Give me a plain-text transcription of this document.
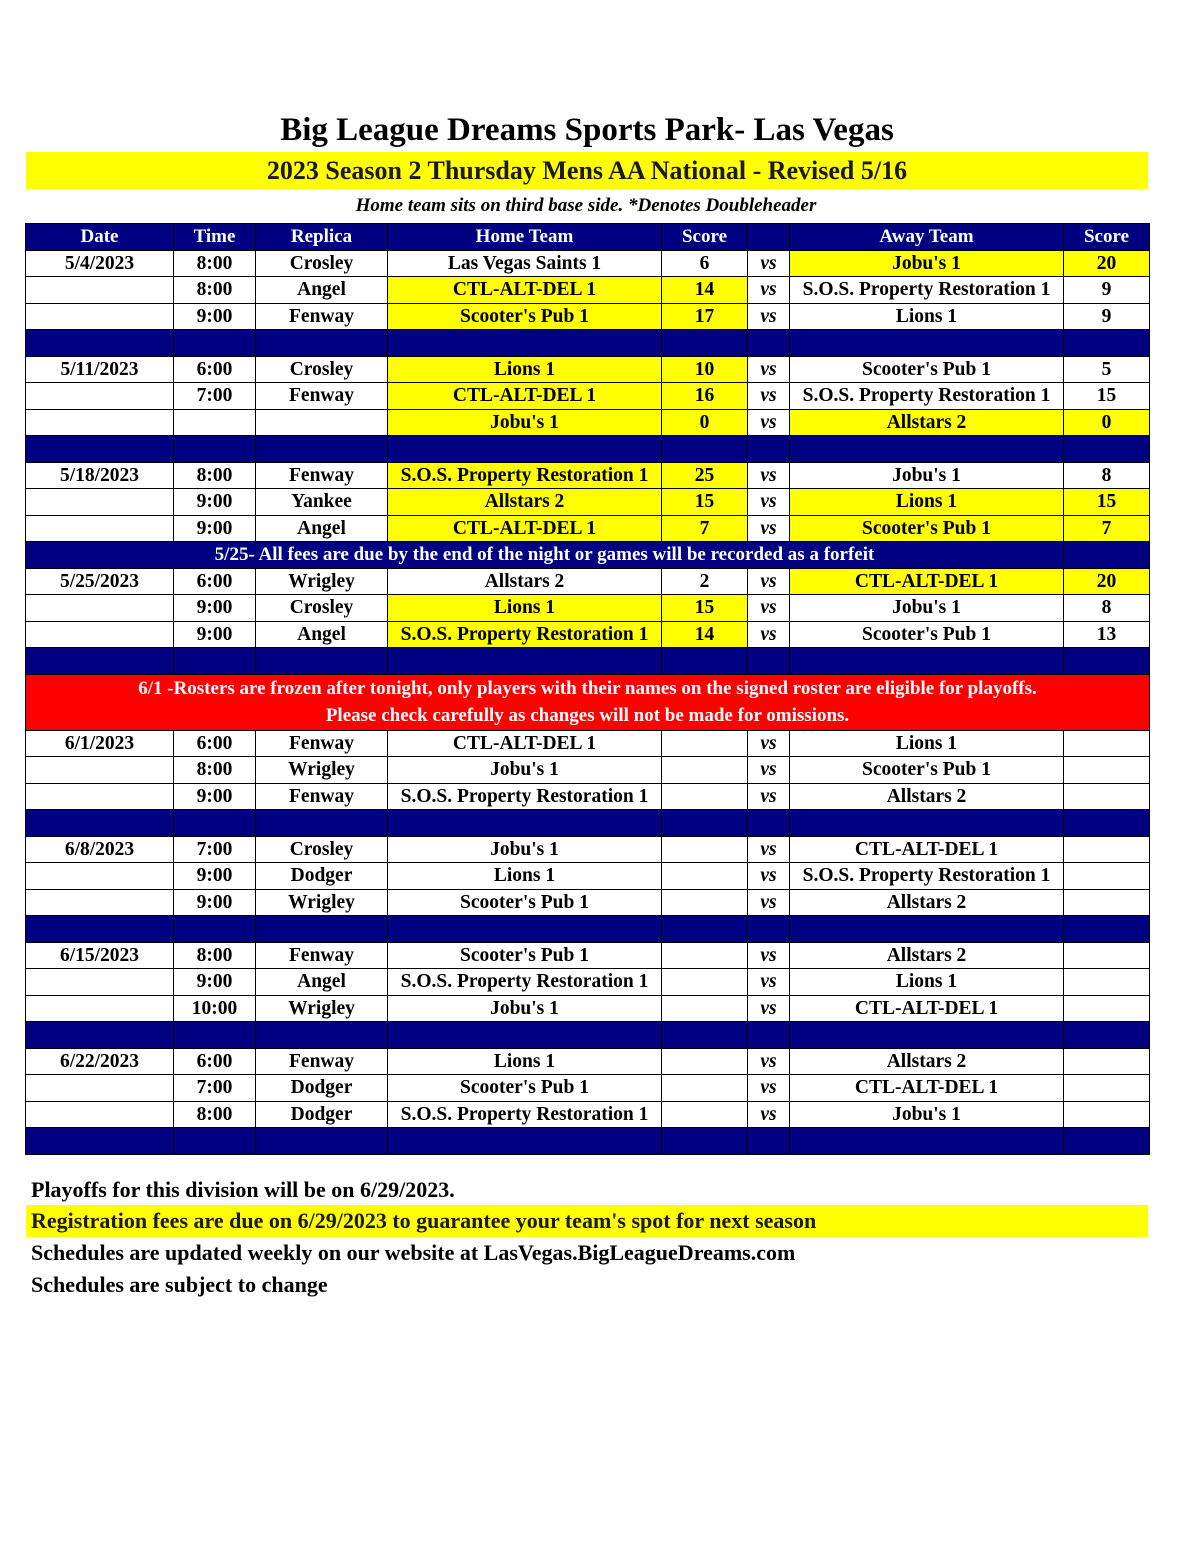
Big League Dreams Sports Park- Las Vegas
2023 Season 2 Thursday Mens AA National - Revised 5/16
Home team sits on third base side. *Denotes Doubleheader
Date	Time	Replica	Home Team	Score		Away Team	Score
5/4/2023	8:00	Crosley	Las Vegas Saints 1	6	vs	Jobu's 1	20
	8:00	Angel	CTL-ALT-DEL 1	14	vs	S.O.S. Property Restoration 1	9
	9:00	Fenway	Scooter's Pub 1	17	vs	Lions 1	9

5/11/2023	6:00	Crosley	Lions 1	10	vs	Scooter's Pub 1	5
	7:00	Fenway	CTL-ALT-DEL 1	16	vs	S.O.S. Property Restoration 1	15
			Jobu's 1	0	vs	Allstars 2	0

5/18/2023	8:00	Fenway	S.O.S. Property Restoration 1	25	vs	Jobu's 1	8
	9:00	Yankee	Allstars 2	15	vs	Lions 1	15
	9:00	Angel	CTL-ALT-DEL 1	7	vs	Scooter's Pub 1	7
5/25- All fees are due by the end of the night or games will be recorded as a forfeit							
5/25/2023	6:00	Wrigley	Allstars 2	2	vs	CTL-ALT-DEL 1	20
	9:00	Crosley	Lions 1	15	vs	Jobu's 1	8
	9:00	Angel	S.O.S. Property Restoration 1	14	vs	Scooter's Pub 1	13

6/1 -Rosters are frozen after tonight, only players with their names on the signed roster are eligible for playoffs.
Please check carefully as changes will not be made for omissions.							

6/1/2023	6:00	Fenway	CTL-ALT-DEL 1		vs	Lions 1	
	8:00	Wrigley	Jobu's 1		vs	Scooter's Pub 1	
	9:00	Fenway	S.O.S. Property Restoration 1		vs	Allstars 2	

6/8/2023	7:00	Crosley	Jobu's 1		vs	CTL-ALT-DEL 1	
	9:00	Dodger	Lions 1		vs	S.O.S. Property Restoration 1	
	9:00	Wrigley	Scooter's Pub 1		vs	Allstars 2	

6/15/2023	8:00	Fenway	Scooter's Pub 1		vs	Allstars 2	
	9:00	Angel	S.O.S. Property Restoration 1		vs	Lions 1	
	10:00	Wrigley	Jobu's 1		vs	CTL-ALT-DEL 1	

6/22/2023	6:00	Fenway	Lions 1		vs	Allstars 2	
	7:00	Dodger	Scooter's Pub 1		vs	CTL-ALT-DEL 1	
	8:00	Dodger	S.O.S. Property Restoration 1		vs	Jobu's 1	

Playoffs for this division will be on 6/29/2023.
Registration fees are due on 6/29/2023 to guarantee your team's spot for next season
Schedules are updated weekly on our website at LasVegas.BigLeagueDreams.com
Schedules are subject to change
